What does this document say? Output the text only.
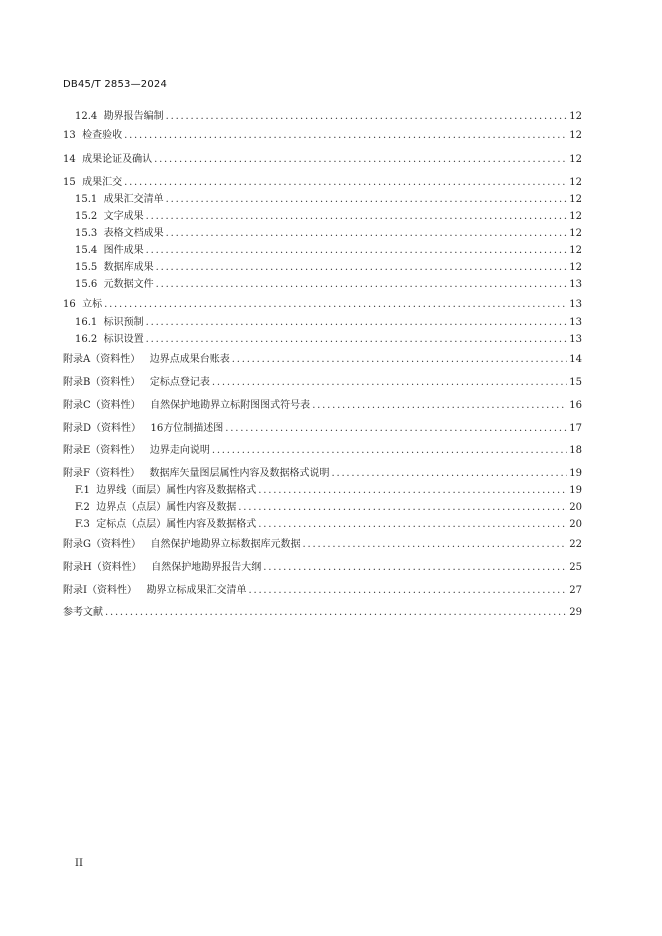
DB45/T 2853—2024
12.4  勘界报告编制 .....	12
13  检查验收 .....	12
14  成果论证及确认 .....	12
15  成果汇交 .....	12
15.1  成果汇交清单 .....	12
15.2  文字成果 .....	12
15.3  表格文档成果 .....	12
15.4  图件成果 .....	12
15.5  数据库成果 .....	12
15.6  元数据文件 .....	13
16  立标 .....	13
16.1  标识预制 .....	13
16.2  标识设置 .....	13
附录A（资料性）   边界点成果台账表 .....	14
附录B（资料性）   定标点登记表 .....	15
附录C（资料性）   自然保护地勘界立标附图图式符号表 .....	16
附录D（资料性）   16方位制描述图 .....	17
附录E（资料性）   边界走向说明 .....	18
附录F（资料性）   数据库矢量图层属性内容及数据格式说明 .....	19
F.1  边界线（面层）属性内容及数据格式 .....	19
F.2  边界点（点层）属性内容及数据 .....	20
F.3  定标点（点层）属性内容及数据格式 .....	20
附录G（资料性）   自然保护地勘界立标数据库元数据 .....	22
附录H（资料性）   自然保护地勘界报告大纲 .....	25
附录I（资料性）   勘界立标成果汇交清单 .....	27
参考文献 .....	29
II
